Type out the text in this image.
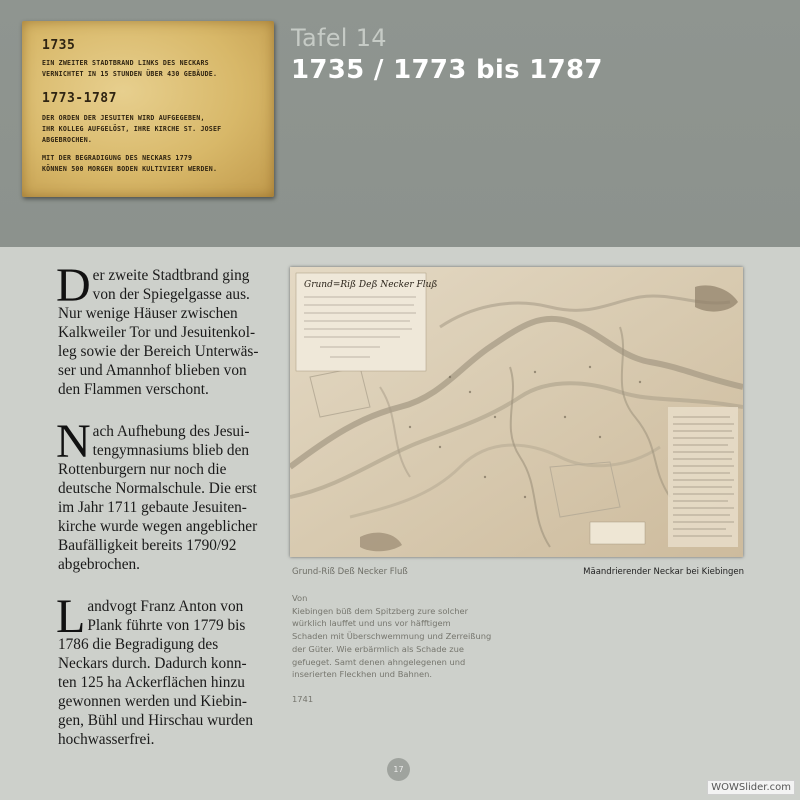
1735
EIN ZWEITER STADTBRAND LINKS DES NECKARS
VERNICHTET IN 15 STUNDEN ÜBER 430 GEBÄUDE.
1773-1787
DER ORDEN DER JESUITEN WIRD AUFGEGEBEN,
IHR KOLLEG AUFGELÖST, IHRE KIRCHE ST. JOSEF
ABGEBROCHEN.
MIT DER BEGRADIGUNG DES NECKARS 1779
KÖNNEN 500 MORGEN BODEN KULTIVIERT WERDEN.
Tafel 14
1735 / 1773 bis 1787
D er zweite Stadtbrand ging
von der Spiegelgasse aus.
Nur wenige Häuser zwischen
Kalkweiler Tor und Jesuitenkol-
leg sowie der Bereich Unterwäs-
ser und Amannhof blieben von
den Flammen verschont.
N ach Aufhebung des Jesui-
tengymnasiums blieb den
Rottenburgern nur noch die
deutsche Normalschule. Die erst
im Jahr 1711 gebaute Jesuiten-
kirche wurde wegen angeblicher
Baufälligkeit bereits 1790/92
abgebrochen.
L andvogt Franz Anton von
Plank führte von 1779 bis
1786 die Begradigung des
Neckars durch. Dadurch konn-
ten 125 ha Ackerflächen hinzu
gewonnen werden und Kiebin-
gen, Bühl und Hirschau wurden
hochwasserfrei.
Grund=Riß Deß Necker Fluß
Grund-Riß Deß Necker Fluß	Mäandrierender Neckar bei Kiebingen
Von
Kiebingen büß dem Spitzberg zure solcher
würklich lauffet und uns vor häfftigem
Schaden mit Überschwemmung und Zerreißung
der Güter. Wie erbärmlich als Schade zue
gefueget. Samt denen ahngelegenen und
inserierten Fleckhen und Bahnen.
1741
17
WOWSlider.com
